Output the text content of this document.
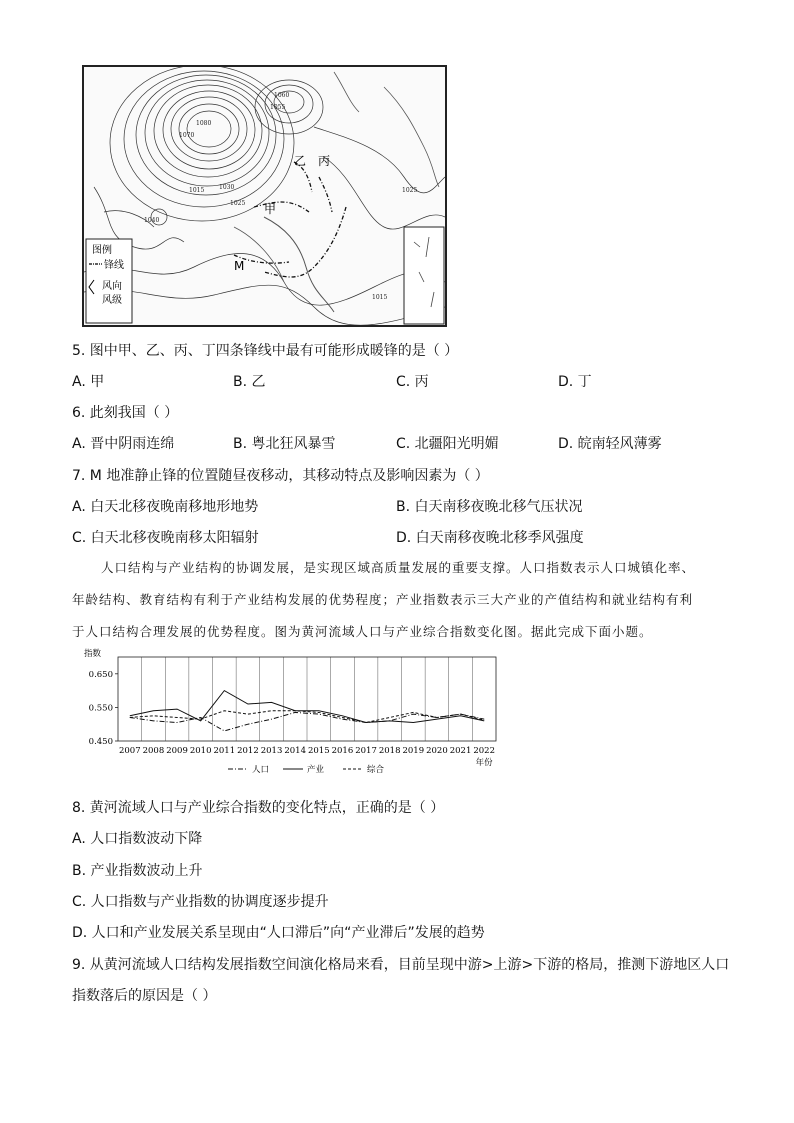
1080
1070
1055
1060
1015 1030
1025
1040
1025
1015
乙 丙
甲
M
图例
锋线
风向
风级
5. 图中甲、乙、丙、丁四条锋线中最有可能形成暖锋的是（ ）
A. 甲	B. 乙	C. 丙	D. 丁
6. 此刻我国（ ）
A. 晋中阴雨连绵	B. 粤北狂风暴雪	C. 北疆阳光明媚	D. 皖南轻风薄雾
7. M 地准静止锋的位置随昼夜移动，其移动特点及影响因素为（ ）
A. 白天北移夜晚南移地形地势	B. 白天南移夜晚北移气压状况
C. 白天北移夜晚南移太阳辐射	D. 白天南移夜晚北移季风强度
人口结构与产业结构的协调发展，是实现区域高质量发展的重要支撑。人口指数表示人口城镇化率、
年龄结构、教育结构有利于产业结构发展的优势程度；产业指数表示三大产业的产值结构和就业结构有利
于人口结构合理发展的优势程度。图为黄河流域人口与产业综合指数变化图。据此完成下面小题。
0.650
0.550
0.450
指数
2007 2008 2009 2010 2011 2012 2013 2014 2015 2016 2017 2018 2019 2020 2021 2022
年份
人口	产业	综合
8. 黄河流域人口与产业综合指数的变化特点，正确的是（ ）
A. 人口指数波动下降
B. 产业指数波动上升
C. 人口指数与产业指数的协调度逐步提升
D. 人口和产业发展关系呈现由“人口滞后”向“产业滞后”发展的趋势
9. 从黄河流域人口结构发展指数空间演化格局来看，目前呈现中游>上游>下游的格局，推测下游地区人口
指数落后的原因是（ ）
